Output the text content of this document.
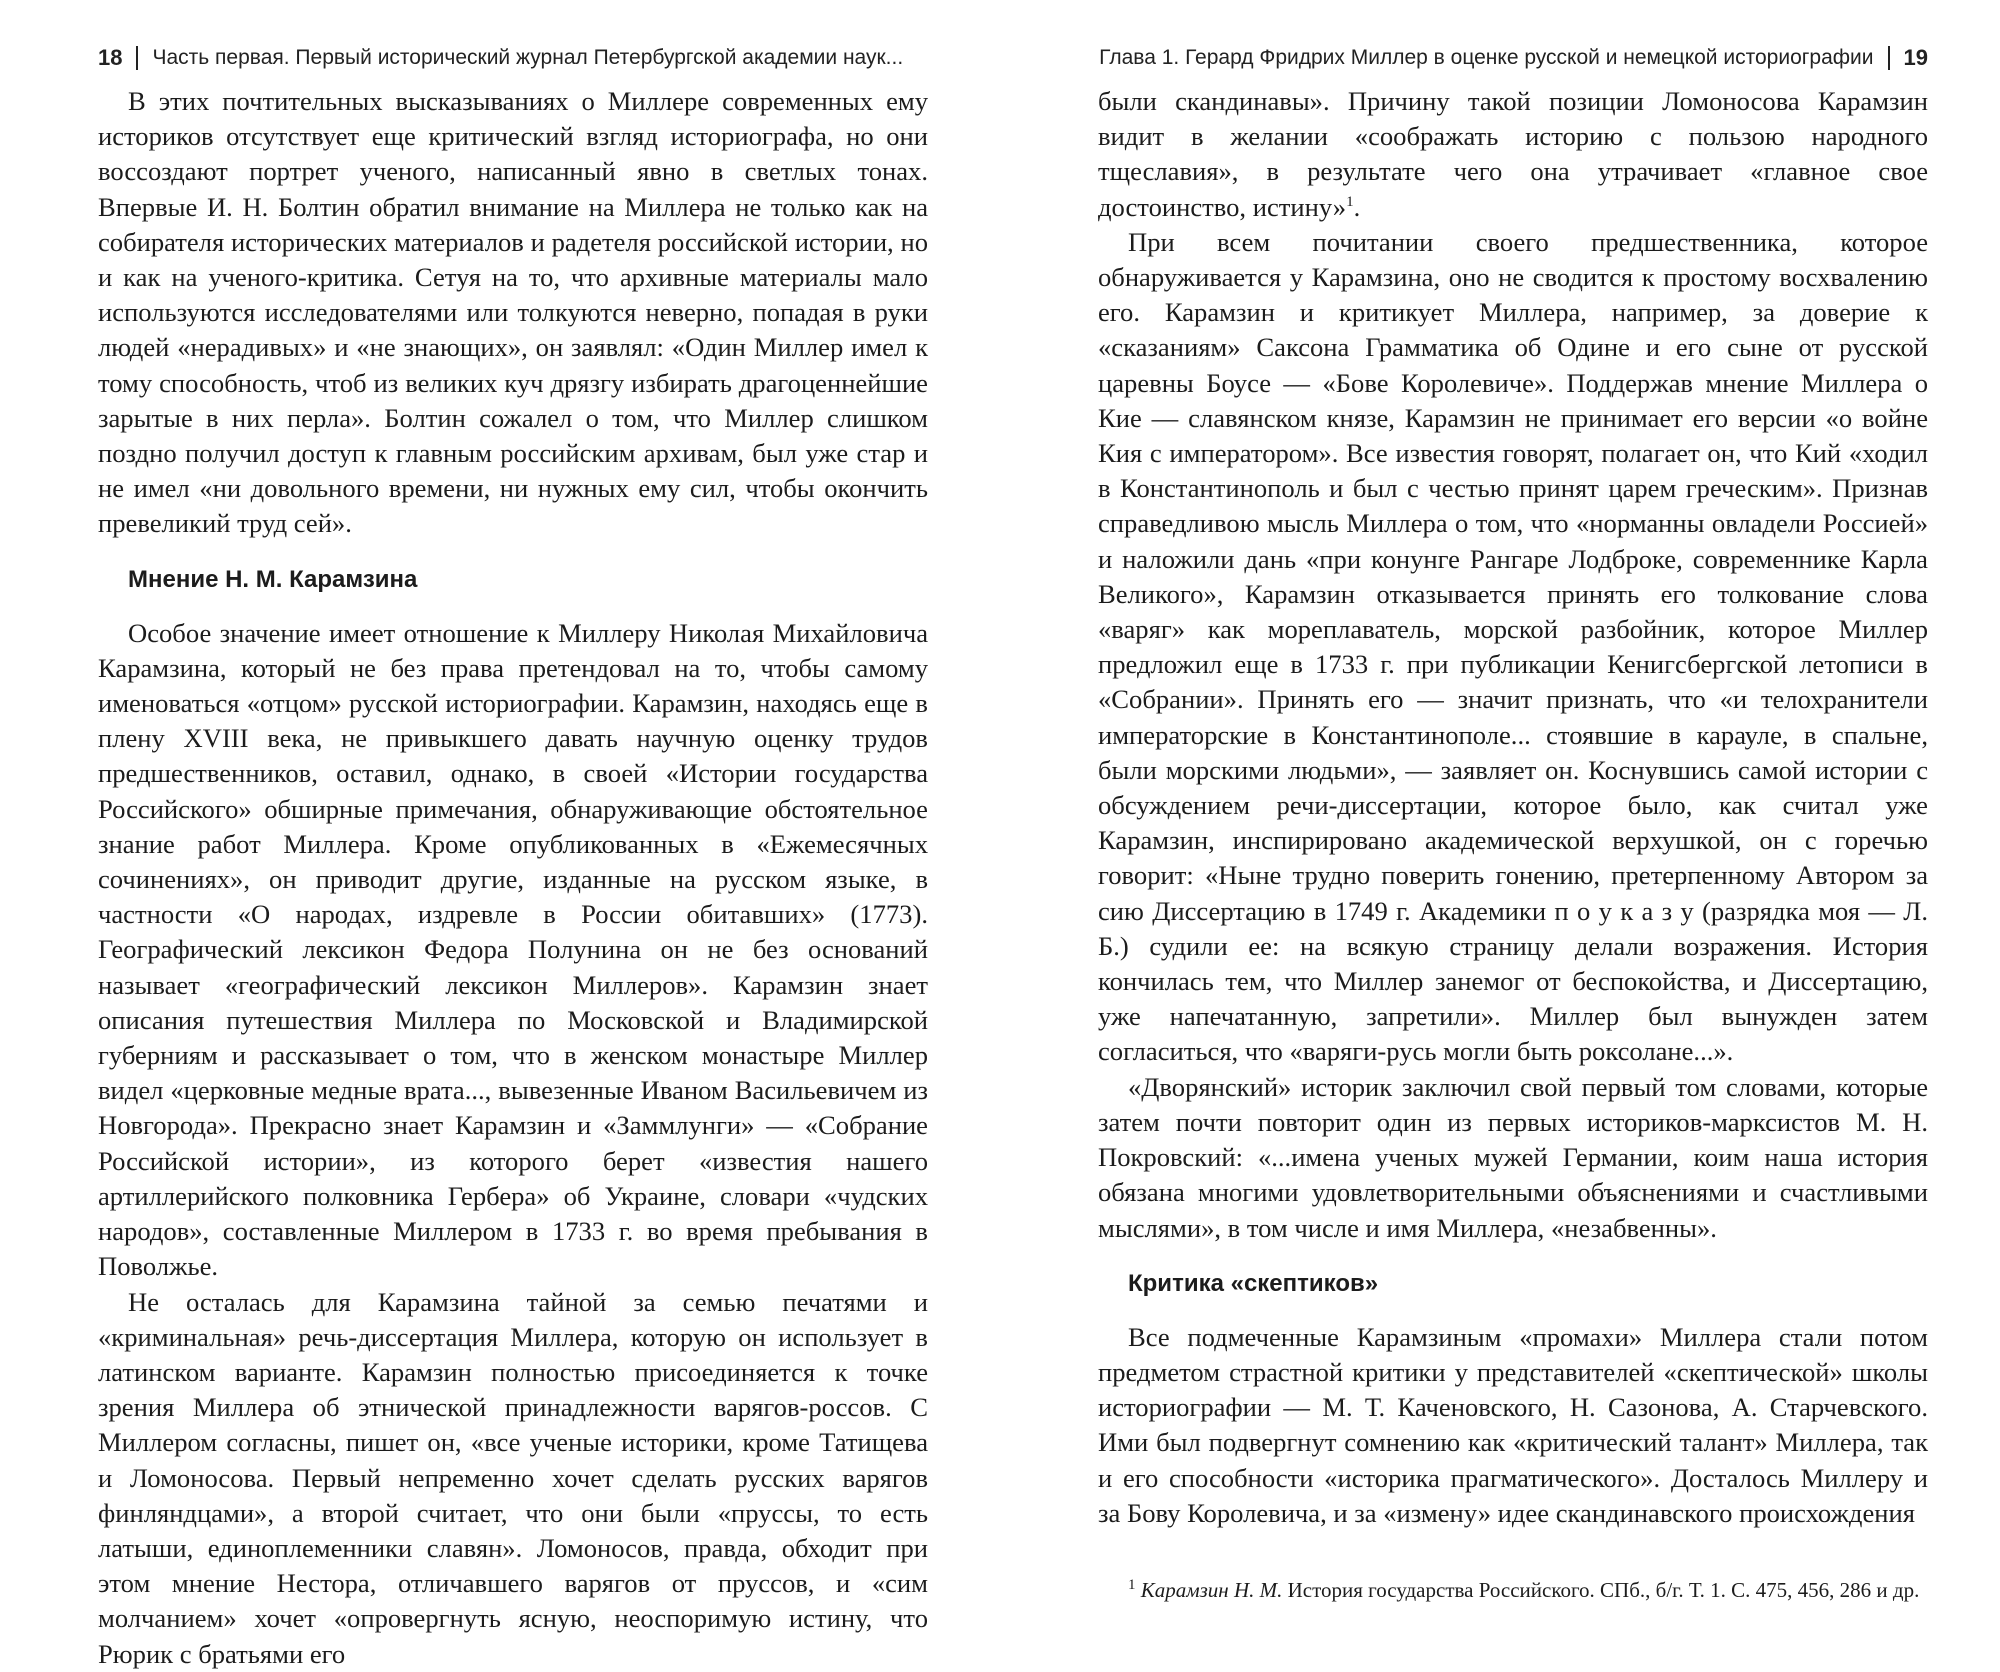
18 Часть первая. Первый исторический журнал Петербургской академии наук...

В этих почтительных высказываниях о Миллере современных ему историков отсутствует еще критический взгляд историографа, но они воссоздают портрет ученого, написанный явно в светлых тонах. Впервые И. Н. Болтин обратил внимание на Миллера не только как на собирателя исторических материалов и радетеля российской истории, но и как на ученого-критика. Сетуя на то, что архивные материалы мало используются исследователями или толкуются неверно, попадая в руки людей «нерадивых» и «не знающих», он заявлял: «Один Миллер имел к тому способность, чтоб из великих куч дрязгу избирать драгоценнейшие зарытые в них перла». Болтин сожалел о том, что Миллер слишком поздно получил доступ к главным российским архивам, был уже стар и не имел «ни довольного времени, ни нужных ему сил, чтобы окончить превеликий труд сей».

Мнение Н. М. Карамзина

Особое значение имеет отношение к Миллеру Николая Михайловича Карамзина, который не без права претендовал на то, чтобы самому именоваться «отцом» русской историографии. Карамзин, находясь еще в плену XVIII века, не привыкшего давать научную оценку трудов предшественников, оставил, однако, в своей «Истории государства Российского» обширные примечания, обнаруживающие обстоятельное знание работ Миллера. Кроме опубликованных в «Ежемесячных сочинениях», он приводит другие, изданные на русском языке, в частности «О народах, издревле в России обитавших» (1773). Географический лексикон Федора Полунина он не без оснований называет «географический лексикон Миллеров». Карамзин знает описания путешествия Миллера по Московской и Владимирской губерниям и рассказывает о том, что в женском монастыре Миллер видел «церковные медные врата..., вывезенные Иваном Васильевичем из Новгорода». Прекрасно знает Карамзин и «Заммлунги» — «Собрание Российской истории», из которого берет «известия нашего артиллерийского полковника Гербера» об Украине, словари «чудских народов», составленные Миллером в 1733 г. во время пребывания в Поволжье.

Не осталась для Карамзина тайной за семью печатями и «криминальная» речь-диссертация Миллера, которую он использует в латинском варианте. Карамзин полностью присоединяется к точке зрения Миллера об этнической принадлежности варягов-россов. С Миллером согласны, пишет он, «все ученые историки, кроме Татищева и Ломоносова. Первый непременно хочет сделать русских варягов финляндцами», а второй считает, что они были «пруссы, то есть латыши, единоплеменники славян». Ломоносов, правда, обходит при этом мнение Нестора, отличавшего варягов от пруссов, и «сим молчанием» хочет «опровергнуть ясную, неоспоримую истину, что Рюрик с братьями его

Глава 1. Герард Фридрих Миллер в оценке русской и немецкой историографии 19

были скандинавы». Причину такой позиции Ломоносова Карамзин видит в желании «соображать историю с пользою народного тщеславия», в результате чего она утрачивает «главное свое достоинство, истину»$^1$.

При всем почитании своего предшественника, которое обнаруживается у Карамзина, оно не сводится к простому восхвалению его. Карамзин и критикует Миллера, например, за доверие к «сказаниям» Саксона Грамматика об Одине и его сыне от русской царевны Боусе — «Бове Королевиче». Поддержав мнение Миллера о Кие — славянском князе, Карамзин не принимает его версии «о войне Кия с императором». Все известия говорят, полагает он, что Кий «ходил в Константинополь и был с честью принят царем греческим». Признав справедливою мысль Миллера о том, что «норманны овладели Россией» и наложили дань «при конунге Рангаре Лодброке, современнике Карла Великого», Карамзин отказывается принять его толкование слова «варяг» как мореплаватель, морской разбойник, которое Миллер предложил еще в 1733 г. при публикации Кенигсбергской летописи в «Собрании». Принять его — значит признать, что «и телохранители императорские в Константинополе... стоявшие в карауле, в спальне, были морскими людьми», — заявляет он. Коснувшись самой истории с обсуждением речи-диссертации, которое было, как считал уже Карамзин, инспирировано академической верхушкой, он с горечью говорит: «Ныне трудно поверить гонению, претерпенному Автором за сию Диссертацию в 1749 г. Академики п о у к а з у (разрядка моя — Л. Б.) судили ее: на всякую страницу делали возражения. История кончилась тем, что Миллер занемог от беспокойства, и Диссертацию, уже напечатанную, запретили». Миллер был вынужден затем согласиться, что «варяги-русь могли быть роксолане...».

«Дворянский» историк заключил свой первый том словами, которые затем почти повторит один из первых историков-марксистов М. Н. Покровский: «...имена ученых мужей Германии, коим наша история обязана многими удовлетворительными объяснениями и счастливыми мыслями», в том числе и имя Миллера, «незабвенны».

Критика «скептиков»

Все подмеченные Карамзиным «промахи» Миллера стали потом предметом страстной критики у представителей «скептической» школы историографии — М. Т. Каченовского, Н. Сазонова, А. Старчевского. Ими был подвергнут сомнению как «критический талант» Миллера, так и его способности «историка прагматического». Досталось Миллеру и за Бову Королевича, и за «измену» идее скандинавского происхождения

$^1$ Карамзин Н. М. История государства Российского. СПб., б/г. Т. 1. С. 475, 456, 286 и др.
